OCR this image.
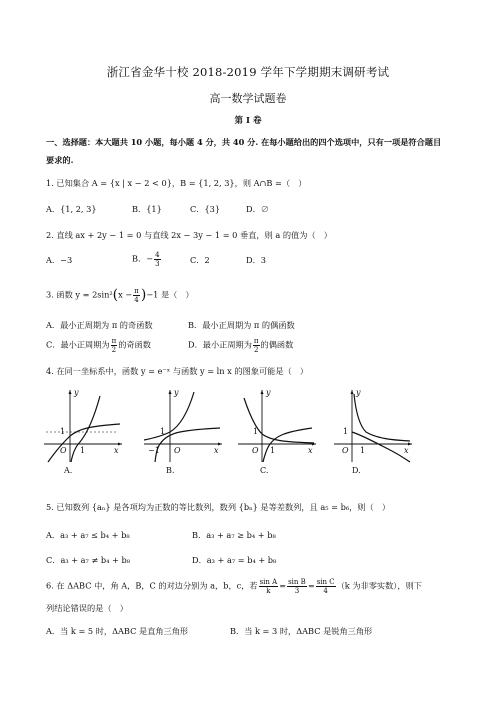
浙江省金华十校 2018-2019 学年下学期期末调研考试
高一数学试题卷
第 I 卷
一、选择题：本大题共 10 小题，每小题 4 分，共 40 分. 在每小题给出的四个选项中，只有一项是符合题目
要求的.
1. 已知集合 A = {x | x − 2 < 0}，B = {1, 2, 3}，则 A∩B =（　）
A．{1, 2, 3}	B．{1}	C．{3}	D．∅
2. 直线 ax + 2y − 1 = 0 与直线 2x − 3y − 1 = 0 垂直，则 a 的值为（　）
A．−3	B．− $\frac{4}{3}$	C．2	D．3
3. 函数 $y = 2\sin^2(x - \frac{\pi}{4} )-1$ 是（　）
A．最小正周期为 π 的奇函数	B．最小正周期为 π 的偶函数
C．最小正周期为 $\frac{\pi}{2}$ 的奇函数	D．最小正周期为 $\frac{\pi}{2}$ 的偶函数
4. 在同一坐标系中，函数 y = e⁻ˣ 与函数 y = ln x 的图象可能是（　）
y
x
O
1
1
A.
y
x
O
1
−1
B.
y
x
O
1
1
C.
y
x
O
1
1
D.
5. 已知数列 {aₙ} 是各项均为正数的等比数列，数列 {bₙ} 是等差数列，且 a₅ = b₆，则（　）
A．a₃ + a₇ ≤ b₄ + b₈	B．a₃ + a₇ ≥ b₄ + b₈
C．a₃ + a₇ ≠ b₄ + b₈	D．a₃ + a₇ = b₄ + b₈
6. 在 ΔABC 中，角 A，B，C 的对边分别为 a，b，c，若 $\frac{\text{sin A}}{k} = \frac{\text{sin B}}{3} = \frac{\text{sin C}}{4} (k$ 为非零实数），则下
列结论错误的是（　）
A．当 k = 5 时，ΔABC 是直角三角形	B．当 k = 3 时，ΔABC 是锐角三角形
